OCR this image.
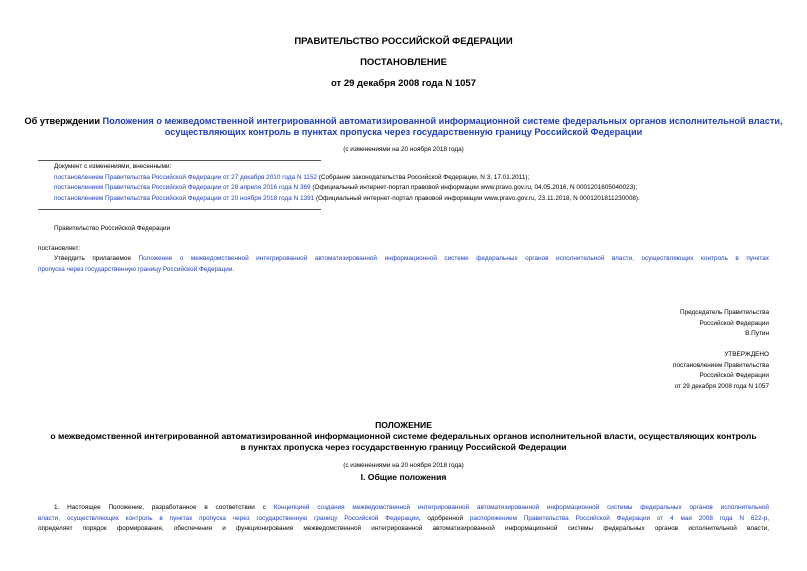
ПРАВИТЕЛЬСТВО РОССИЙСКОЙ ФЕДЕРАЦИИ
ПОСТАНОВЛЕНИЕ
от 29 декабря 2008 года N 1057
Об утверждении Положения о межведомственной интегрированной автоматизированной информационной системе федеральных органов исполнительной власти,
осуществляющих контроль в пунктах пропуска через государственную границу Российской Федерации
(с изменениями на 20 ноября 2018 года)
Документ с изменениями, внесенными:
постановлением Правительства Российской Федерации от 27 декабря 2010 года N 1152 (Собрание законодательства Российской Федерации, N 3, 17.01.2011);
постановлением Правительства Российской Федерации от 28 апреля 2016 года N 369 (Официальный интернет-портал правовой информации www.pravo.gov.ru, 04.05.2016, N 0001201605040023);
постановлением Правительства Российской Федерации от 20 ноября 2018 года N 1391 (Официальный интернет-портал правовой информации www.pravo.gov.ru, 23.11.2018, N 0001201811230008).
Правительство Российской Федерации
постановляет:
Утвердить прилагаемое Положение о межведомственной интегрированной автоматизированной информационной системе федеральных органов исполнительной власти, осуществляющих контроль в пунктах
пропуска через государственную границу Российской Федерации.
Председатель Правительства
Российской Федерации
В.Путин
УТВЕРЖДЕНО
постановлением Правительства
Российской Федерации
от 29 декабря 2008 года N 1057
ПОЛОЖЕНИЕ
о межведомственной интегрированной автоматизированной информационной системе федеральных органов исполнительной власти, осуществляющих контроль
в пунктах пропуска через государственную границу Российской Федерации
(с изменениями на 20 ноября 2018 года)
I. Общие положения
1. Настоящее Положение, разработанное в соответствии с Концепцией создания межведомственной интегрированной автоматизированной информационной системы федеральных органов исполнительной
власти, осуществляющих контроль в пунктах пропуска через государственную границу Российской Федерации, одобренной распоряжением Правительства Российской Федерации от 4 мая 2008 года N 622-р,
определяет порядок формирования, обеспечения и функционирования межведомственной интегрированной автоматизированной информационной системы федеральных органов исполнительной власти,
